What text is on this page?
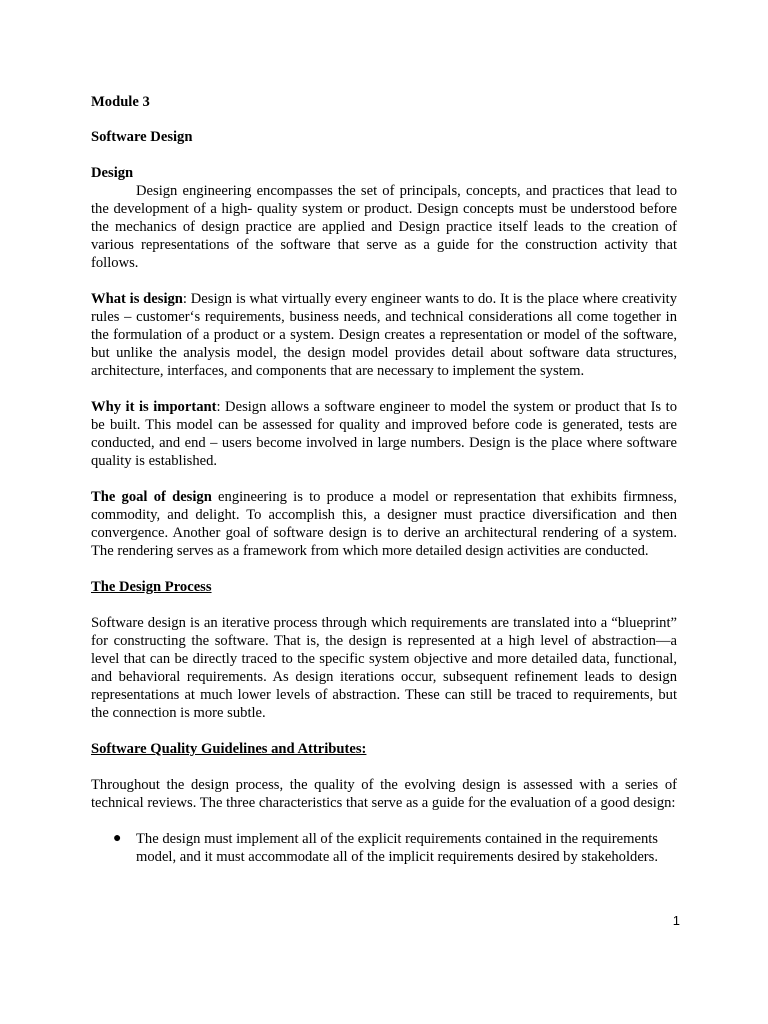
Module 3

Software Design

Design

Design engineering encompasses the set of principals, concepts, and practices that lead to the development of a high- quality system or product. Design concepts must be understood before the mechanics of design practice are applied and Design practice itself leads to the creation of various representations of the software that serve as a guide for the construction activity that follows.

What is design: Design is what virtually every engineer wants to do. It is the place where creativity rules – customer‘s requirements, business needs, and technical considerations all come together in the formulation of a product or a system. Design creates a representation or model of the software, but unlike the analysis model, the design model provides detail about software data structures, architecture, interfaces, and components that are necessary to implement the system.

Why it is important: Design allows a software engineer to model the system or product that Is to be built. This model can be assessed for quality and improved before code is generated, tests are conducted, and end – users become involved in large numbers. Design is the place where software quality is established.

The goal of design engineering is to produce a model or representation that exhibits firmness, commodity, and delight. To accomplish this, a designer must practice diversification and then convergence. Another goal of software design is to derive an architectural rendering of a system. The rendering serves as a framework from which more detailed design activities are conducted.

The Design Process

Software design is an iterative process through which requirements are translated into a “blueprint” for constructing the software. That is, the design is represented at a high level of abstraction—a level that can be directly traced to the specific system objective and more detailed data, functional, and behavioral requirements. As design iterations occur, subsequent refinement leads to design representations at much lower levels of abstraction. These can still be traced to requirements, but the connection is more subtle.

Software Quality Guidelines and Attributes:

Throughout the design process, the quality of the evolving design is assessed with a series of technical reviews. The three characteristics that serve as a guide for the evaluation of a good design:

● The design must implement all of the explicit requirements contained in the requirements model, and it must accommodate all of the implicit requirements desired by stakeholders.
1
